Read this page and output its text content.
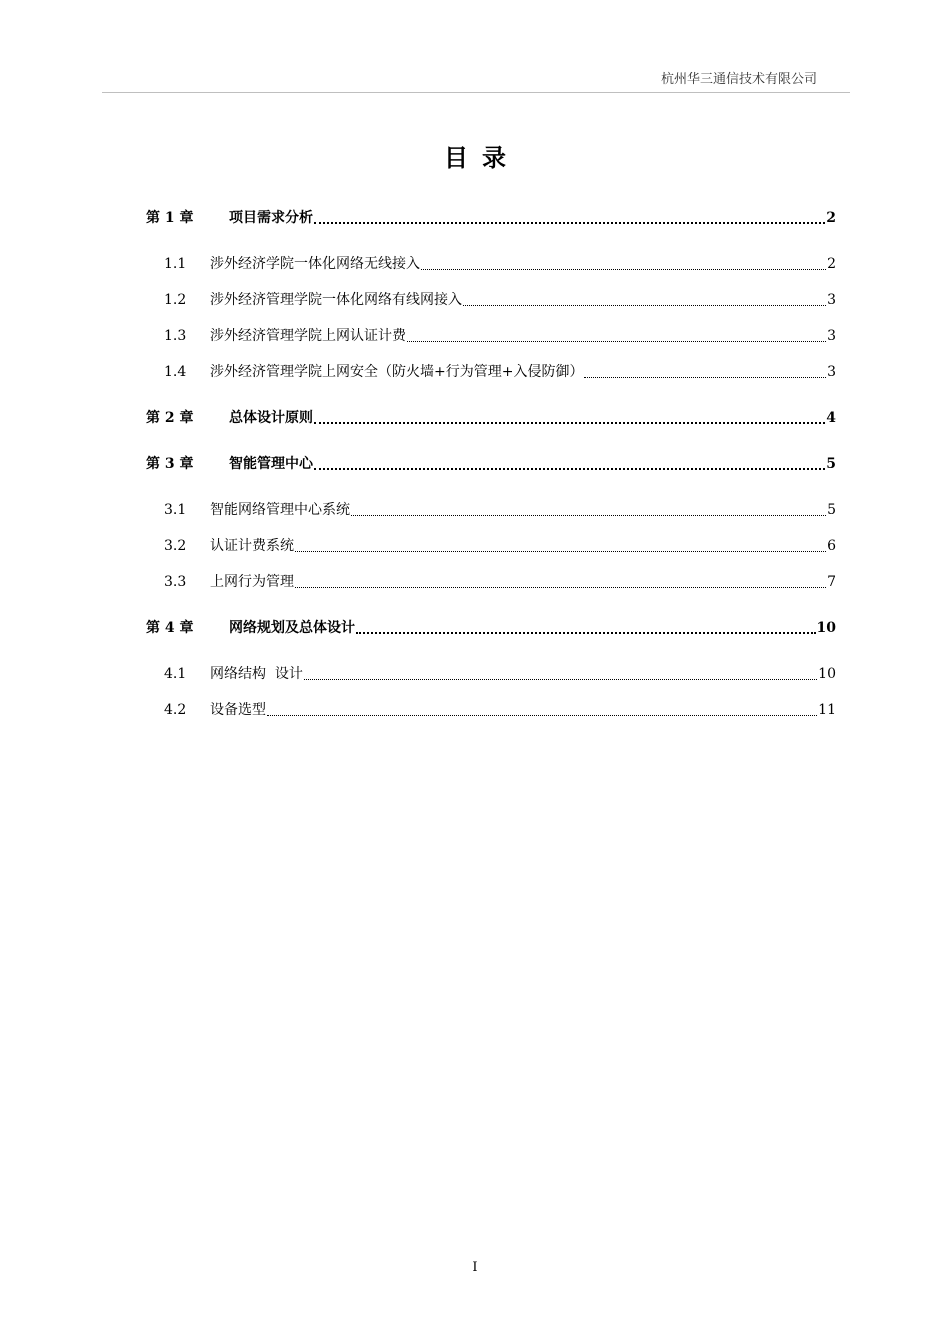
杭州华三通信技术有限公司
目录
第 1 章	项目需求分析	2
1.1	涉外经济学院一体化网络无线接入	2
1.2	涉外经济管理学院一体化网络有线网接入	3
1.3	涉外经济管理学院上网认证计费	3
1.4	涉外经济管理学院上网安全（防火墙+行为管理+入侵防御）	3
第 2 章	总体设计原则	4
第 3 章	智能管理中心	5
3.1	智能网络管理中心系统	5
3.2	认证计费系统	6
3.3	上网行为管理	7
第 4 章	网络规划及总体设计	10
4.1	网络结构  设计	10
4.2	设备选型	11
I
